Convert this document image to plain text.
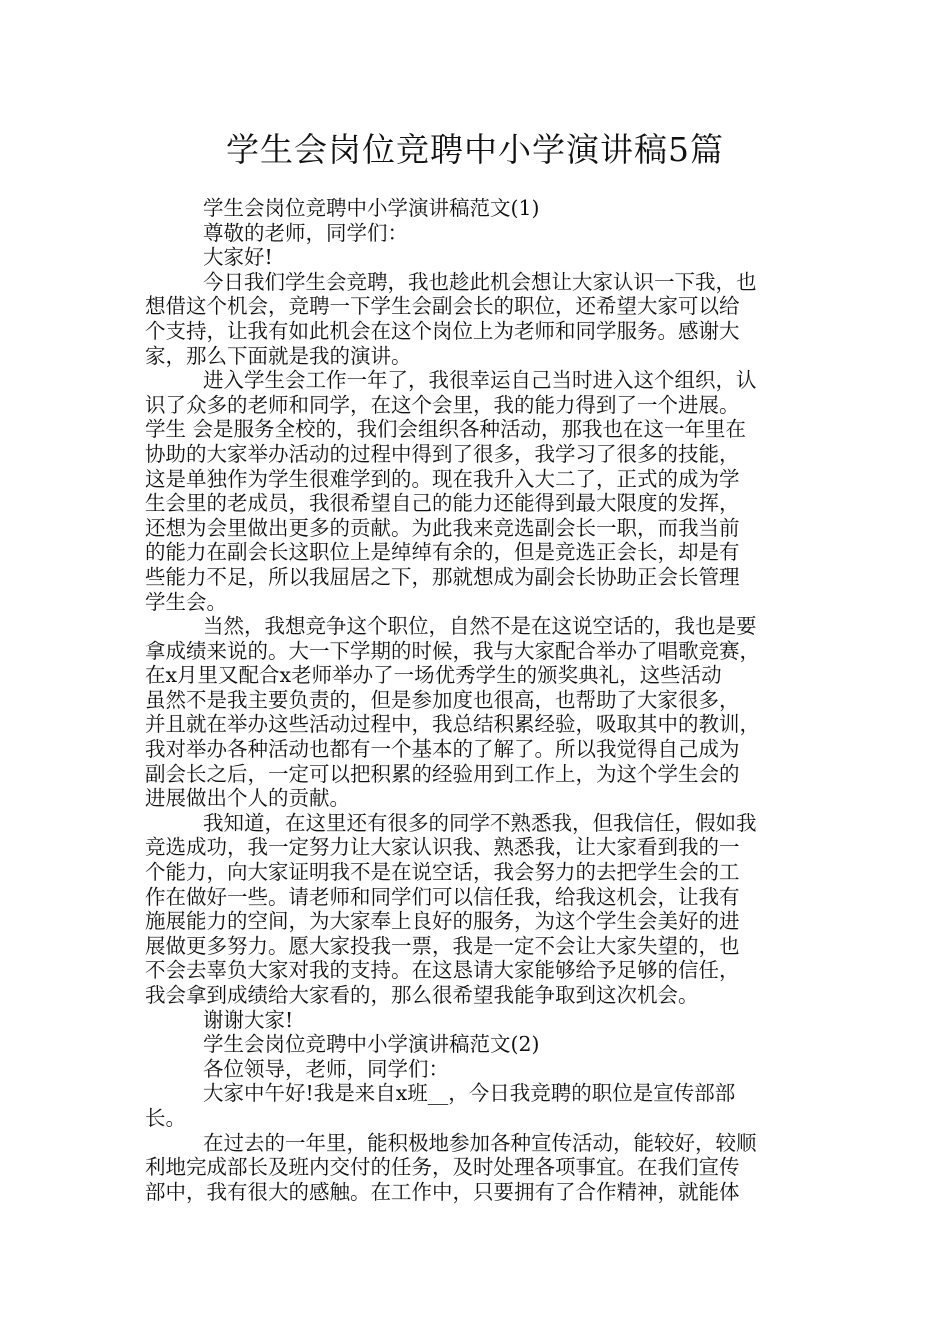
学生会岗位竞聘中小学演讲稿5篇
学生会岗位竞聘中小学演讲稿范文(1)
尊敬的老师，同学们：
大家好!
今日我们学生会竞聘，我也趁此机会想让大家认识一下我，也
想借这个机会，竞聘一下学生会副会长的职位，还希望大家可以给
个支持，让我有如此机会在这个岗位上为老师和同学服务。感谢大
家，那么下面就是我的演讲。
进入学生会工作一年了，我很幸运自己当时进入这个组织，认
识了众多的老师和同学，在这个会里，我的能力得到了一个进展。
学生 会是服务全校的，我们会组织各种活动，那我也在这一年里在
协助的大家举办活动的过程中得到了很多，我学习了很多的技能，
这是单独作为学生很难学到的。现在我升入大二了，正式的成为学
生会里的老成员，我很希望自己的能力还能得到最大限度的发挥，
还想为会里做出更多的贡献。为此我来竞选副会长一职，而我当前
的能力在副会长这职位上是绰绰有余的，但是竞选正会长，却是有
些能力不足，所以我屈居之下，那就想成为副会长协助正会长管理
学生会。
当然，我想竞争这个职位，自然不是在这说空话的，我也是要
拿成绩来说的。大一下学期的时候，我与大家配合举办了唱歌竞赛，
在x月里又配合x老师举办了一场优秀学生的颁奖典礼，这些活动
虽然不是我主要负责的，但是参加度也很高，也帮助了大家很多，
并且就在举办这些活动过程中，我总结积累经验，吸取其中的教训，
我对举办各种活动也都有一个基本的了解了。所以我觉得自己成为
副会长之后，一定可以把积累的经验用到工作上，为这个学生会的
进展做出个人的贡献。
我知道，在这里还有很多的同学不熟悉我，但我信任，假如我
竞选成功，我一定努力让大家认识我、熟悉我，让大家看到我的一
个能力，向大家证明我不是在说空话，我会努力的去把学生会的工
作在做好一些。请老师和同学们可以信任我，给我这机会，让我有
施展能力的空间，为大家奉上良好的服务，为这个学生会美好的进
展做更多努力。愿大家投我一票，我是一定不会让大家失望的，也
不会去辜负大家对我的支持。在这恳请大家能够给予足够的信任，
我会拿到成绩给大家看的，那么很希望我能争取到这次机会。
谢谢大家!
学生会岗位竞聘中小学演讲稿范文(2)
各位领导，老师，同学们：
大家中午好!我是来自x班__，今日我竞聘的职位是宣传部部
长。
在过去的一年里，能积极地参加各种宣传活动，能较好，较顺
利地完成部长及班内交付的任务，及时处理各项事宜。在我们宣传
部中，我有很大的感触。在工作中，只要拥有了合作精神，就能体
